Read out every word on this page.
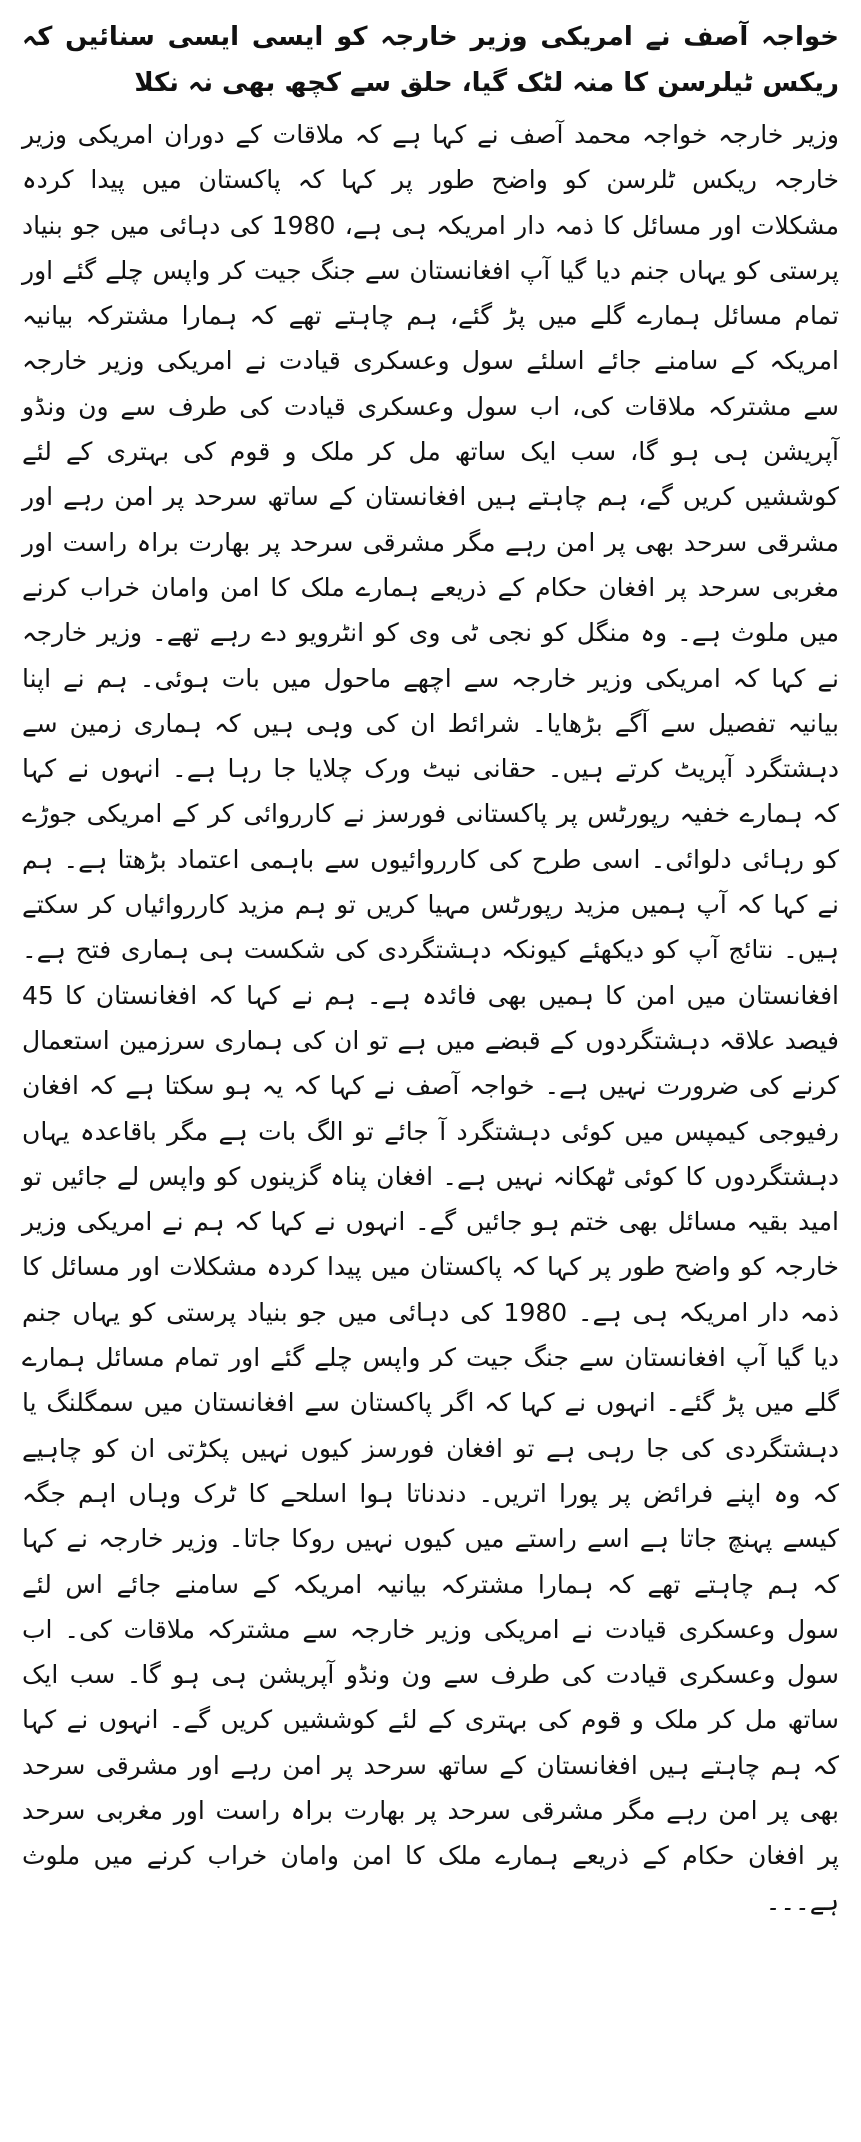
خواجہ آصف نے امریکی وزیر خارجہ کو ایسی ایسی سنائیں کہ ریکس ٹیلرسن کا منہ لٹک گیا، حلق سے کچھ بھی نہ نکلا

وزیر خارجہ خواجہ محمد آصف نے کہا ہے کہ ملاقات کے دوران امریکی وزیر خارجہ ریکس ٹلرسن کو واضح طور پر کہا کہ پاکستان میں پیدا کردہ مشکلات اور مسائل کا ذمہ دار امریکہ ہی ہے، 1980 کی دہائی میں جو بنیاد پرستی کو یہاں جنم دیا گیا آپ افغانستان سے جنگ جیت کر واپس چلے گئے اور تمام مسائل ہمارے گلے میں پڑ گئے، ہم چاہتے تھے کہ ہمارا مشترکہ بیانیہ امریکہ کے سامنے جائے اسلئے سول وعسکری قیادت نے امریکی وزیر خارجہ سے مشترکہ ملاقات کی، اب سول وعسکری قیادت کی طرف سے ون ونڈو آپریشن ہی ہو گا، سب ایک ساتھ مل کر ملک و قوم کی بہتری کے لئے کوششیں کریں گے، ہم چاہتے ہیں افغانستان کے ساتھ سرحد پر امن رہے اور مشرقی سرحد بھی پر امن رہے مگر مشرقی سرحد پر بھارت براہ راست اور مغربی سرحد پر افغان حکام کے ذریعے ہمارے ملک کا امن وامان خراب کرنے میں ملوث ہے۔ وہ منگل کو نجی ٹی وی کو انٹرویو دے رہے تھے۔ وزیر خارجہ نے کہا کہ امریکی وزیر خارجہ سے اچھے ماحول میں بات ہوئی۔ ہم نے اپنا بیانیہ تفصیل سے آگے بڑھایا۔ شرائط ان کی وہی ہیں کہ ہماری زمین سے دہشتگرد آپریٹ کرتے ہیں۔ حقانی نیٹ ورک چلایا جا رہا ہے۔ انہوں نے کہا کہ ہمارے خفیہ رپورٹس پر پاکستانی فورسز نے کارروائی کر کے امریکی جوڑے کو رہائی دلوائی۔ اسی طرح کی کارروائیوں سے باہمی اعتماد بڑھتا ہے۔ ہم نے کہا کہ آپ ہمیں مزید رپورٹس مہیا کریں تو ہم مزید کارروائیاں کر سکتے ہیں۔ نتائج آپ کو دیکھئے کیونکہ دہشتگردی کی شکست ہی ہماری فتح ہے۔ افغانستان میں امن کا ہمیں بھی فائدہ ہے۔ ہم نے کہا کہ افغانستان کا 45 فیصد علاقہ دہشتگردوں کے قبضے میں ہے تو ان کی ہماری سرزمین استعمال کرنے کی ضرورت نہیں ہے۔ خواجہ آصف نے کہا کہ یہ ہو سکتا ہے کہ افغان رفیوجی کیمپس میں کوئی دہشتگرد آ جائے تو الگ بات ہے مگر باقاعدہ یہاں دہشتگردوں کا کوئی ٹھکانہ نہیں ہے۔ افغان پناہ گزینوں کو واپس لے جائیں تو امید بقیہ مسائل بھی ختم ہو جائیں گے۔ انہوں نے کہا کہ ہم نے امریکی وزیر خارجہ کو واضح طور پر کہا کہ پاکستان میں پیدا کردہ مشکلات اور مسائل کا ذمہ دار امریکہ ہی ہے۔ 1980 کی دہائی میں جو بنیاد پرستی کو یہاں جنم دیا گیا آپ افغانستان سے جنگ جیت کر واپس چلے گئے اور تمام مسائل ہمارے گلے میں پڑ گئے۔ انہوں نے کہا کہ اگر پاکستان سے افغانستان میں سمگلنگ یا دہشتگردی کی جا رہی ہے تو افغان فورسز کیوں نہیں پکڑتی ان کو چاہیے کہ وہ اپنے فرائض پر پورا اتریں۔ دندناتا ہوا اسلحے کا ٹرک وہاں اہم جگہ کیسے پہنچ جاتا ہے اسے راستے میں کیوں نہیں روکا جاتا۔ وزیر خارجہ نے کہا کہ ہم چاہتے تھے کہ ہمارا مشترکہ بیانیہ امریکہ کے سامنے جائے اس لئے سول وعسکری قیادت نے امریکی وزیر خارجہ سے مشترکہ ملاقات کی۔ اب سول وعسکری قیادت کی طرف سے ون ونڈو آپریشن ہی ہو گا۔ سب ایک ساتھ مل کر ملک و قوم کی بہتری کے لئے کوششیں کریں گے۔ انہوں نے کہا کہ ہم چاہتے ہیں افغانستان کے ساتھ سرحد پر امن رہے اور مشرقی سرحد بھی پر امن رہے مگر مشرقی سرحد پر بھارت براہ راست اور مغربی سرحد پر افغان حکام کے ذریعے ہمارے ملک کا امن وامان خراب کرنے میں ملوث ہے۔۔۔
